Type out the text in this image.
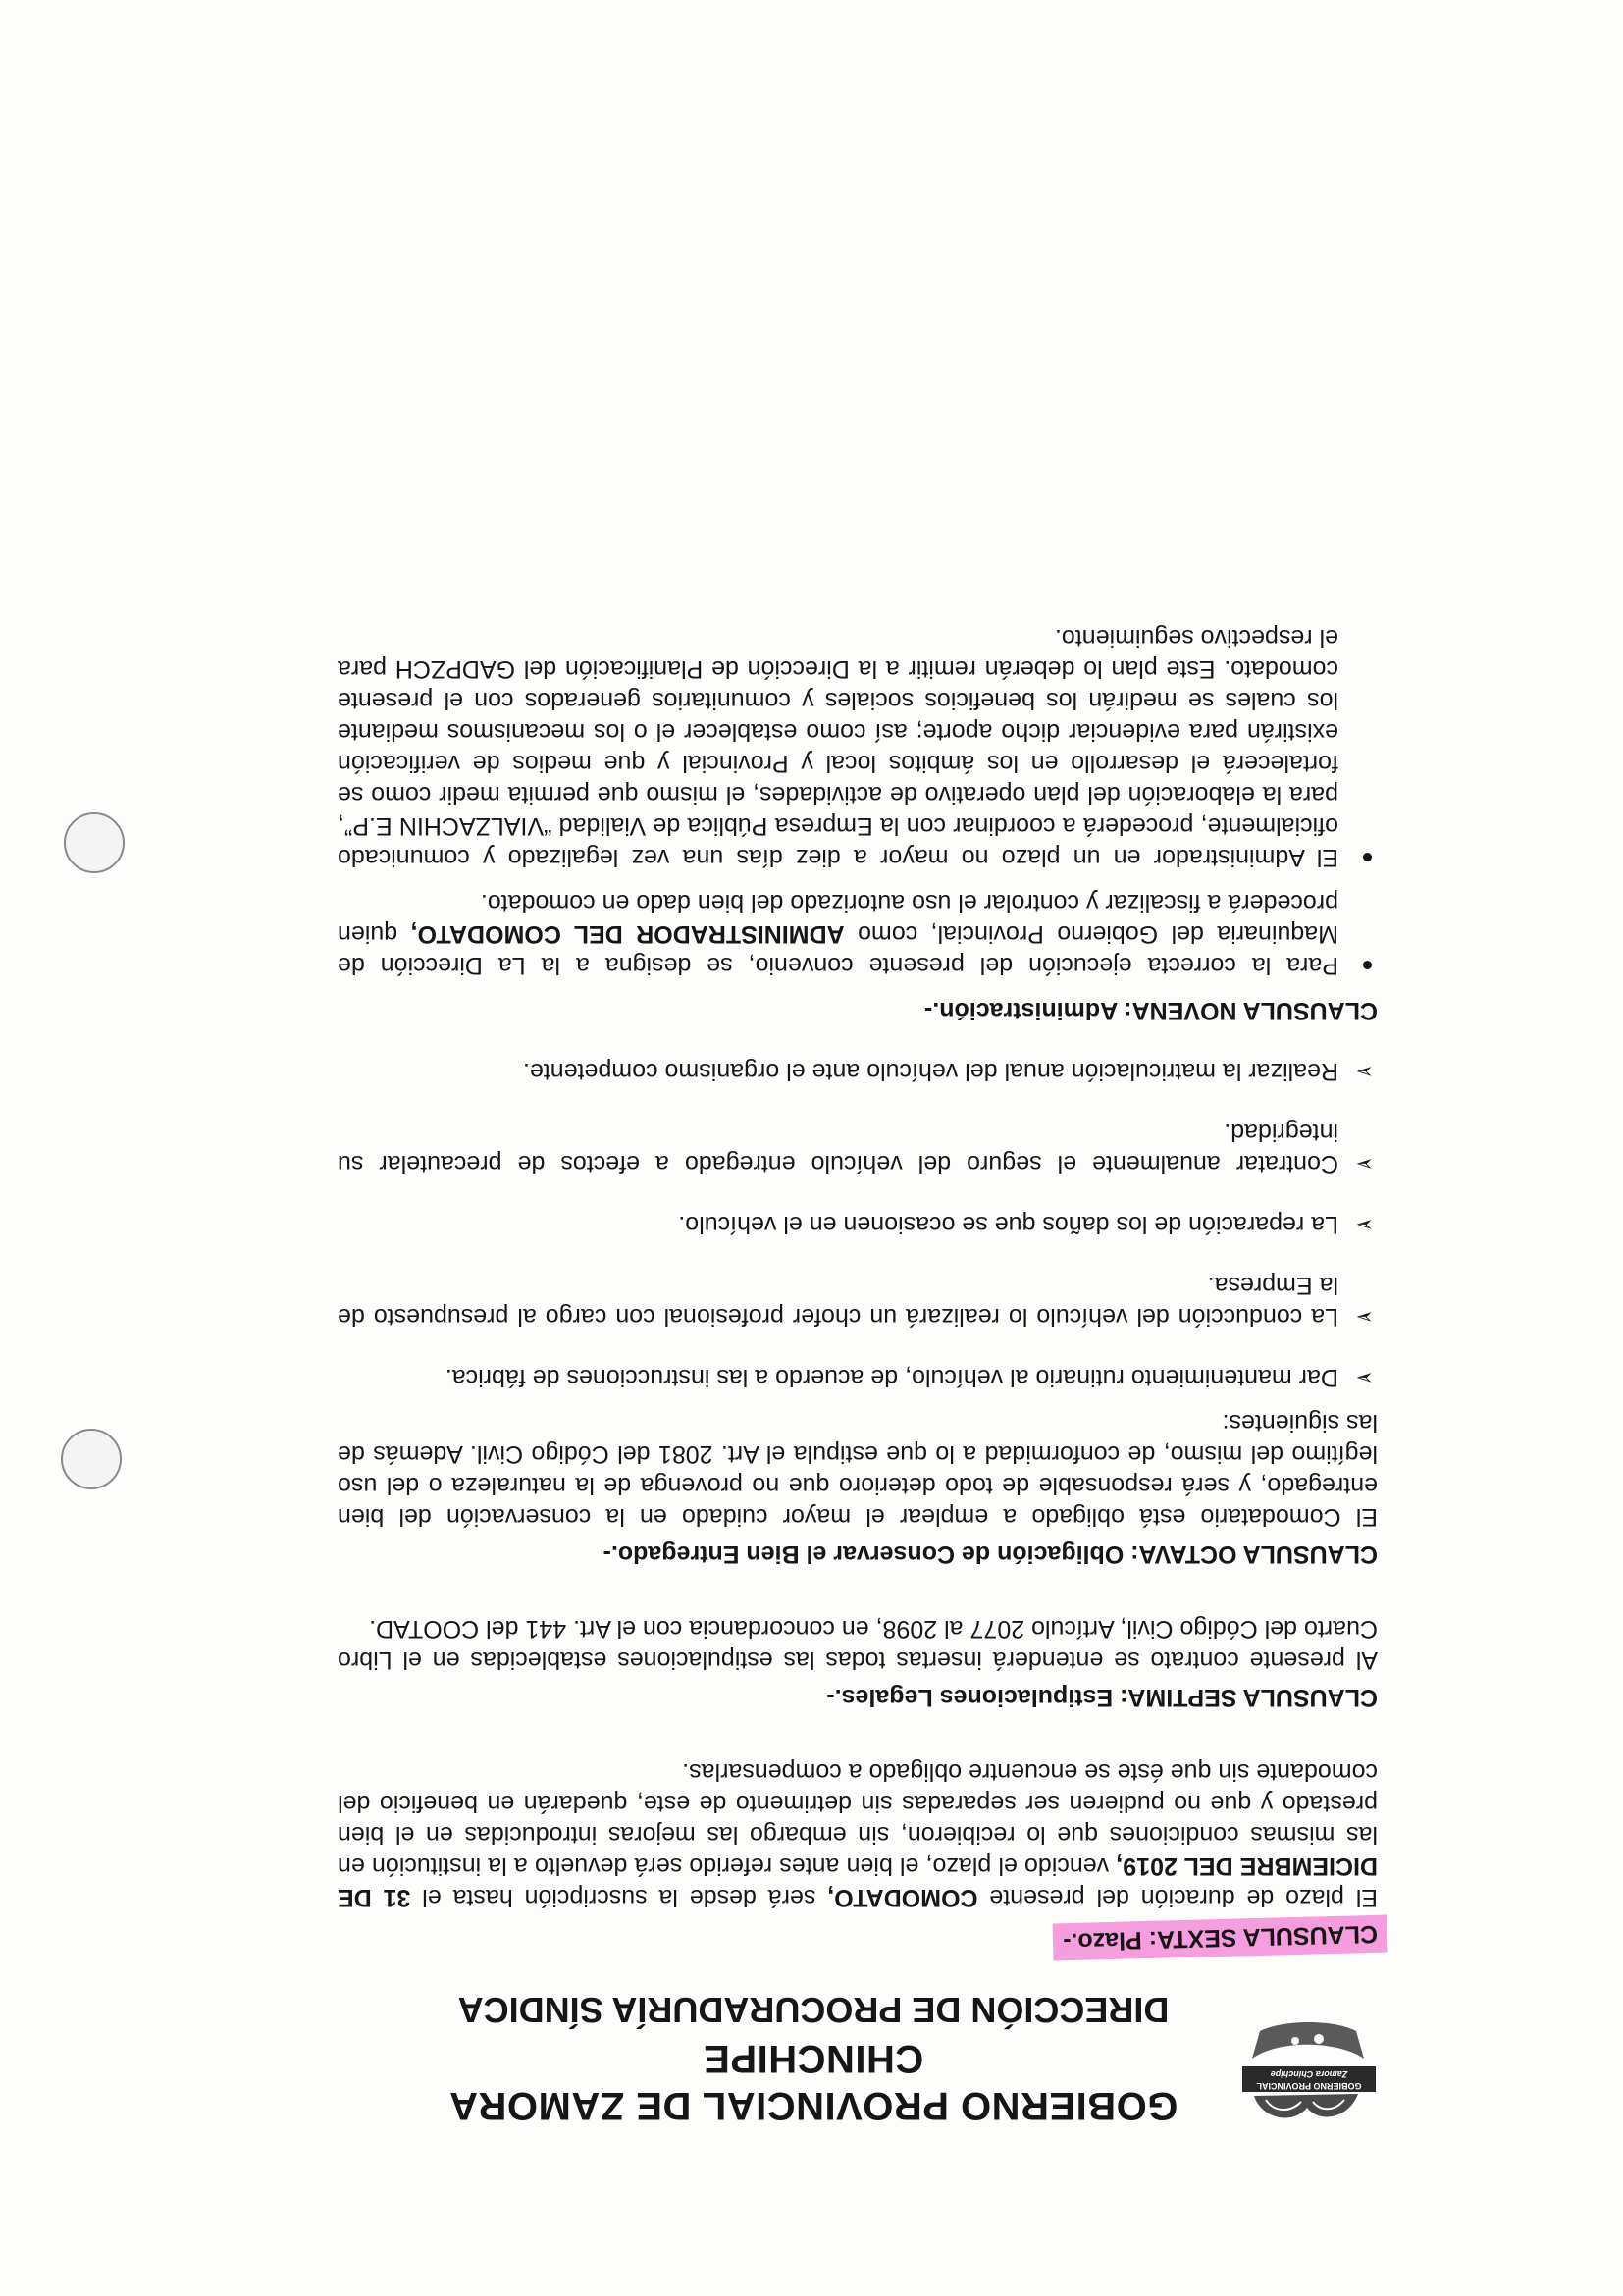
GOBIERNO PROVINCIAL
Zamora Chinchipe
GOBIERNO PROVINCIAL DE ZAMORA CHINCHIPE
DIRECCIÓN DE PROCURADURÍA SÍNDICA
CLAUSULA SEXTA: Plazo.-

El plazo de duración del presente COMODATO, será desde la suscripción hasta el 31 DE DICIEMBRE DEL 2019, vencido el plazo, el bien antes referido será devuelto a la institución en las mismas condiciones que lo recibieron, sin embargo las mejoras introducidas en el bien prestado y que no pudieren ser separadas sin detrimento de este, quedarán en beneficio del comodante sin que éste se encuentre obligado a compensarlas.

CLAUSULA SEPTIMA: Estipulaciones Legales.-

Al presente contrato se entenderá insertas todas las estipulaciones establecidas en el Libro Cuarto del Código Civil, Artículo 2077 al 2098, en concordancia con el Art. 441 del COOTAD.

CLAUSULA OCTAVA: Obligación de Conservar el Bien Entregado.-

El Comodatario está obligado a emplear el mayor cuidado en la conservación del bien entregado, y será responsable de todo deterioro que no provenga de la naturaleza o del uso legítimo del mismo, de conformidad a lo que estipula el Art. 2081 del Código Civil. Además de las siguientes:

➢
Dar mantenimiento rutinario al vehículo, de acuerdo a las instrucciones de fábrica.
➢
La conducción del vehículo lo realizará un chofer profesional con cargo al presupuesto de la Empresa.
➢
La reparación de los daños que se ocasionen en el vehículo.
➢
Contratar anualmente el seguro del vehículo entregado a efectos de precautelar su integridad.
➢
Realizar la matriculación anual del vehículo ante el organismo competente.
CLAUSULA NOVENA: Administración.-
Para la correcta ejecución del presente convenio, se designa a la La Dirección de Maquinaria del Gobierno Provincial, como ADMINISTRADOR DEL COMODATO, quien procederá a fiscalizar y controlar el uso autorizado del bien dado en comodato.
El Administrador en un plazo no mayor a diez días una vez legalizado y comunicado oficialmente, procederá a coordinar con la Empresa Pública de Vialidad “VIALZACHIN E.P”, para la elaboración del plan operativo de actividades, el mismo que permita medir como se fortalecerá el desarrollo en los ámbitos local y Provincial y que medios de verificación existirán para evidenciar dicho aporte; así como establecer el o los mecanismos mediante los cuales se medirán los beneficios sociales y comunitarios generados con el presente comodato. Este plan lo deberán remitir a la Dirección de Planificación del GADPZCH para el respectivo seguimiento.
